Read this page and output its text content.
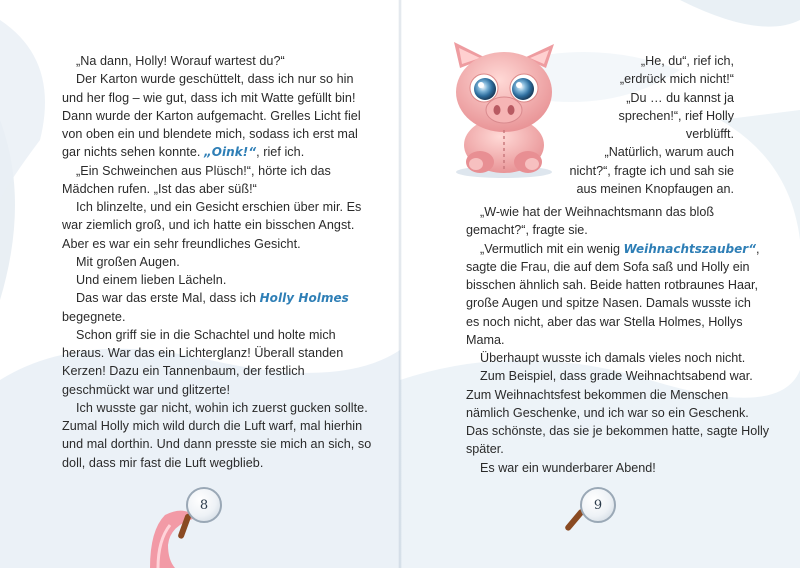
„Na dann, Holly! Worauf wartest du?“
Der Karton wurde geschüttelt, dass ich nur so hin
und her flog – wie gut, dass ich mit Watte gefüllt bin!
Dann wurde der Karton aufgemacht. Grelles Licht fiel
von oben ein und blendete mich, sodass ich erst mal
gar nichts sehen konnte. „Oink!“, rief ich.
„Ein Schweinchen aus Plüsch!“, hörte ich das
Mädchen rufen. „Ist das aber süß!“
Ich blinzelte, und ein Gesicht erschien über mir. Es
war ziemlich groß, und ich hatte ein bisschen Angst.
Aber es war ein sehr freundliches Gesicht.
Mit großen Augen.
Und einem lieben Lächeln.
Das war das erste Mal, dass ich Holly Holmes
begegnete.
Schon griff sie in die Schachtel und holte mich
heraus. War das ein Lichterglanz! Überall standen
Kerzen! Dazu ein Tannenbaum, der festlich
geschmückt war und glitzerte!
Ich wusste gar nicht, wohin ich zuerst gucken sollte.
Zumal Holly mich wild durch die Luft warf, mal hierhin
und mal dorthin. Und dann presste sie mich an sich, so
doll, dass mir fast die Luft wegblieb.
8
„He, du“, rief ich,
„erdrück mich nicht!“
„Du … du kannst ja
sprechen!“, rief Holly
verblüfft.
„Natürlich, warum auch
nicht?“, fragte ich und sah sie
aus meinen Knopfaugen an.
„W-wie hat der Weihnachtsmann das bloß
gemacht?“, fragte sie.
„Vermutlich mit ein wenig Weihnachtszauber“,
sagte die Frau, die auf dem Sofa saß und Holly ein
bisschen ähnlich sah. Beide hatten rotbraunes Haar,
große Augen und spitze Nasen. Damals wusste ich
es noch nicht, aber das war Stella Holmes, Hollys
Mama.
Überhaupt wusste ich damals vieles noch nicht.
Zum Beispiel, dass grade Weihnachtsabend war.
Zum Weihnachtsfest bekommen die Menschen
nämlich Geschenke, und ich war so ein Geschenk.
Das schönste, das sie je bekommen hatte, sagte Holly
später.
Es war ein wunderbarer Abend!
9
